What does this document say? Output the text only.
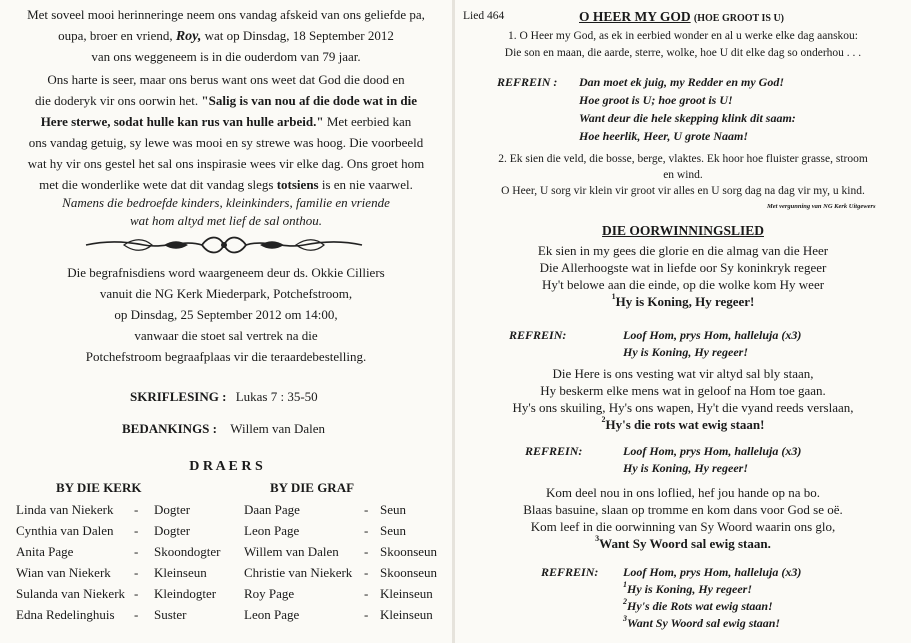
Met soveel mooi herinneringe neem ons vandag afskeid van ons geliefde pa,
oupa, broer en vriend, Roy, wat op Dinsdag, 18 September 2012
van ons weggeneem is in die ouderdom van 79 jaar.
Ons harte is seer, maar ons berus want ons weet dat God die dood en
die doderyk vir ons oorwin het. "Salig is van nou af die dode wat in die
Here sterwe, sodat hulle kan rus van hulle arbeid." Met eerbied kan
ons vandag getuig, sy lewe was mooi en sy strewe was hoog. Die voorbeeld
wat hy vir ons gestel het sal ons inspirasie wees vir elke dag. Ons groet hom
met die wonderlike wete dat dit vandag slegs totsiens is en nie vaarwel.
Namens die bedroefde kinders, kleinkinders, familie en vriende
wat hom altyd met lief de sal onthou.
Die begrafnisdiens word waargeneem deur ds. Okkie Cilliers
vanuit die NG Kerk Miederpark, Potchefstroom,
op Dinsdag, 25 September 2012 om 14:00,
vanwaar die stoet sal vertrek na die
Potchefstroom begraafplaas vir die teraardebestelling.
SKRIFLESING : Lukas 7 : 35-50
BEDANKINGS : Willem van Dalen
D R A E R S
BY DIE KERK	BY DIE GRAF
Linda van Niekerk - Dogter
Cynthia van Dalen - Dogter
Anita Page	- Skoondogter
Wian van Niekerk - Kleinseun
Sulanda van Niekerk - Kleindogter
Edna Redelinghuis - Suster
Daan Page	- Seun
Leon Page	- Seun
Willem van Dalen - Skoonseun
Christie van Niekerk - Skoonseun
Roy Page	- Kleinseun
Leon Page	- Kleinseun
Lied 464	O HEER MY GOD (HOE GROOT IS U)
1. O Heer my God, as ek in eerbied wonder en al u werke elke dag aanskou:
Die son en maan, die aarde, sterre, wolke, hoe U dit elke dag so onderhou . . .
REFREIN : Dan moet ek juig, my Redder en my God!
Hoe groot is U; hoe groot is U!
Want deur die hele skepping klink dit saam:
Hoe heerlik, Heer, U grote Naam!
2. Ek sien die veld, die bosse, berge, vlaktes. Ek hoor hoe fluister grasse, stroom
en wind.
O Heer, U sorg vir klein vir groot vir alles en U sorg dag na dag vir my, u kind.
Met vergunning van NG Kerk Uitgewers
DIE OORWINNINGSLIED
Ek sien in my gees die glorie en die almag van die Heer
Die Allerhoogste wat in liefde oor Sy koninkryk regeer
Hy't belowe aan die einde, op die wolke kom Hy weer
$^1$Hy is Koning, Hy regeer!
REFREIN:	Loof Hom, prys Hom, halleluja (x3)
Hy is Koning, Hy regeer!
Die Here is ons vesting wat vir altyd sal bly staan,
Hy beskerm elke mens wat in geloof na Hom toe gaan.
Hy's ons skuiling, Hy's ons wapen, Hy't die vyand reeds verslaan,
$^2$Hy's die rots wat ewig staan!
REFREIN:	Loof Hom, prys Hom, halleluja (x3)
Hy is Koning, Hy regeer!
Kom deel nou in ons loflied, hef jou hande op na bo.
Blaas basuine, slaan op tromme en kom dans voor God se oë.
Kom leef in die oorwinning van Sy Woord waarin ons glo,
$^3$Want Sy Woord sal ewig staan.
REFREIN: Loof Hom, prys Hom, halleluja (x3)
$^1$Hy is Koning, Hy regeer!
$^2$Hy's die Rots wat ewig staan!
$^3$Want Sy Woord sal ewig staan!
